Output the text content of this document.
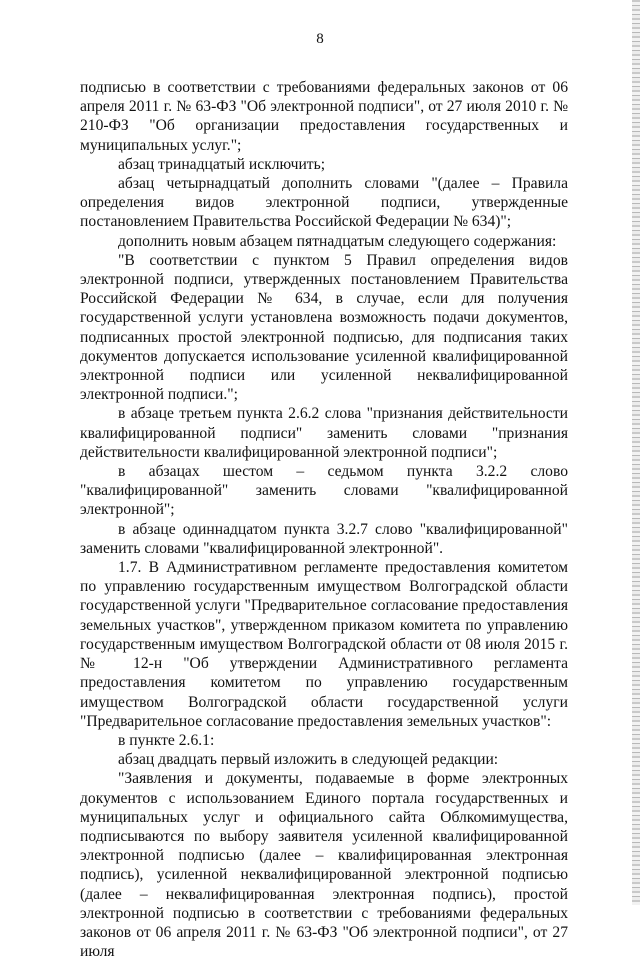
8

подписью в соответствии с требованиями федеральных законов от 06 апреля 2011 г. № 63-ФЗ "Об электронной подписи", от 27 июля 2010 г. № 210-ФЗ "Об организации предоставления государственных и муниципальных услуг.";

абзац тринадцатый исключить;

абзац четырнадцатый дополнить словами "(далее – Правила определения видов электронной подписи, утвержденные постановлением Правительства Российской Федерации № 634)";

дополнить новым абзацем пятнадцатым следующего содержания:

"В соответствии с пунктом 5 Правил определения видов электронной подписи, утвержденных постановлением Правительства Российской Федерации № 634, в случае, если для получения государственной услуги установлена возможность подачи документов, подписанных простой электронной подписью, для подписания таких документов допускается использование усиленной квалифицированной электронной подписи или усиленной неквалифицированной электронной подписи.";

в абзаце третьем пункта 2.6.2 слова "признания действительности квалифицированной подписи" заменить словами "признания действительности квалифицированной электронной подписи";

в абзацах шестом – седьмом пункта 3.2.2 слово "квалифицированной" заменить словами "квалифицированной электронной";

в абзаце одиннадцатом пункта 3.2.7 слово "квалифицированной" заменить словами "квалифицированной электронной".

1.7. В Административном регламенте предоставления комитетом по управлению государственным имуществом Волгоградской области государственной услуги "Предварительное согласование предоставления земельных участков", утвержденном приказом комитета по управлению государственным имуществом Волгоградской области от 08 июля 2015 г. № 12-н "Об утверждении Административного регламента предоставления комитетом по управлению государственным имуществом Волгоградской области государственной услуги "Предварительное согласование предоставления земельных участков":

в пункте 2.6.1:

абзац двадцать первый изложить в следующей редакции:

"Заявления и документы, подаваемые в форме электронных документов с использованием Единого портала государственных и муниципальных услуг и официального сайта Облкомимущества, подписываются по выбору заявителя усиленной квалифицированной электронной подписью (далее – квалифицированная электронная подпись), усиленной неквалифицированной электронной подписью (далее – неквалифицированная электронная подпись), простой электронной подписью в соответствии с требованиями федеральных законов от 06 апреля 2011 г. № 63-ФЗ "Об электронной подписи", от 27 июля
